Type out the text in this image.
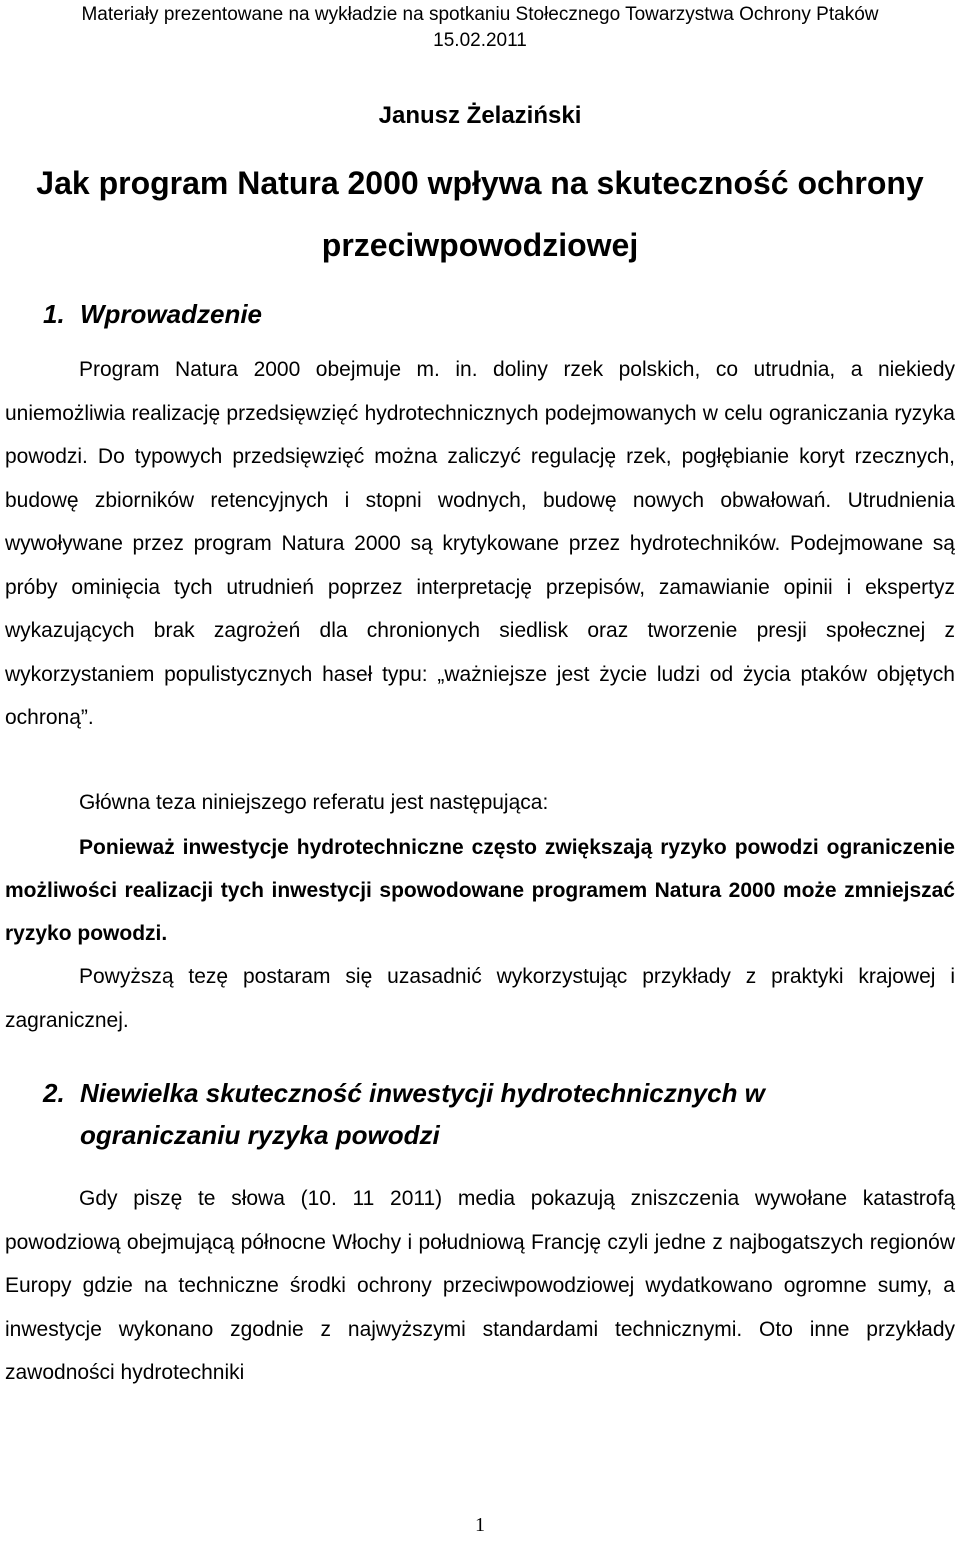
Materiały prezentowane na wykładzie na spotkaniu Stołecznego Towarzystwa Ochrony Ptaków
15.02.2011
Janusz Żelaziński
Jak program Natura 2000 wpływa na skuteczność ochrony
przeciwpowodziowej
1. Wprowadzenie

Program Natura 2000 obejmuje m. in. doliny rzek polskich, co utrudnia, a niekiedy uniemożliwia realizację przedsięwzięć hydrotechnicznych podejmowanych w celu ograniczania ryzyka powodzi. Do typowych przedsięwzięć można zaliczyć regulację rzek, pogłębianie koryt rzecznych, budowę zbiorników retencyjnych i stopni wodnych, budowę nowych obwałowań. Utrudnienia wywoływane przez program Natura 2000 są krytykowane przez hydrotechników. Podejmowane są próby ominięcia tych utrudnień poprzez interpretację przepisów, zamawianie opinii i ekspertyz wykazujących brak zagrożeń dla chronionych siedlisk oraz tworzenie presji społecznej z wykorzystaniem populistycznych haseł typu: „ważniejsze jest życie ludzi od życia ptaków objętych ochroną”.

Główna teza niniejszego referatu jest następująca:

Ponieważ inwestycje hydrotechniczne często zwiększają ryzyko powodzi ograniczenie możliwości realizacji tych inwestycji spowodowane programem Natura 2000 może zmniejszać ryzyko powodzi.

Powyższą tezę postaram się uzasadnić wykorzystując przykłady z praktyki krajowej i zagranicznej.

2. Niewielka skuteczność inwestycji hydrotechnicznych w
ograniczaniu ryzyka powodzi

Gdy piszę te słowa (10. 11 2011) media pokazują zniszczenia wywołane katastrofą powodziową obejmującą północne Włochy i południową Francję czyli jedne z najbogatszych regionów Europy gdzie na techniczne środki ochrony przeciwpowodziowej wydatkowano ogromne sumy, a inwestycje wykonano zgodnie z najwyższymi standardami technicznymi. Oto inne przykłady zawodności hydrotechniki

1
